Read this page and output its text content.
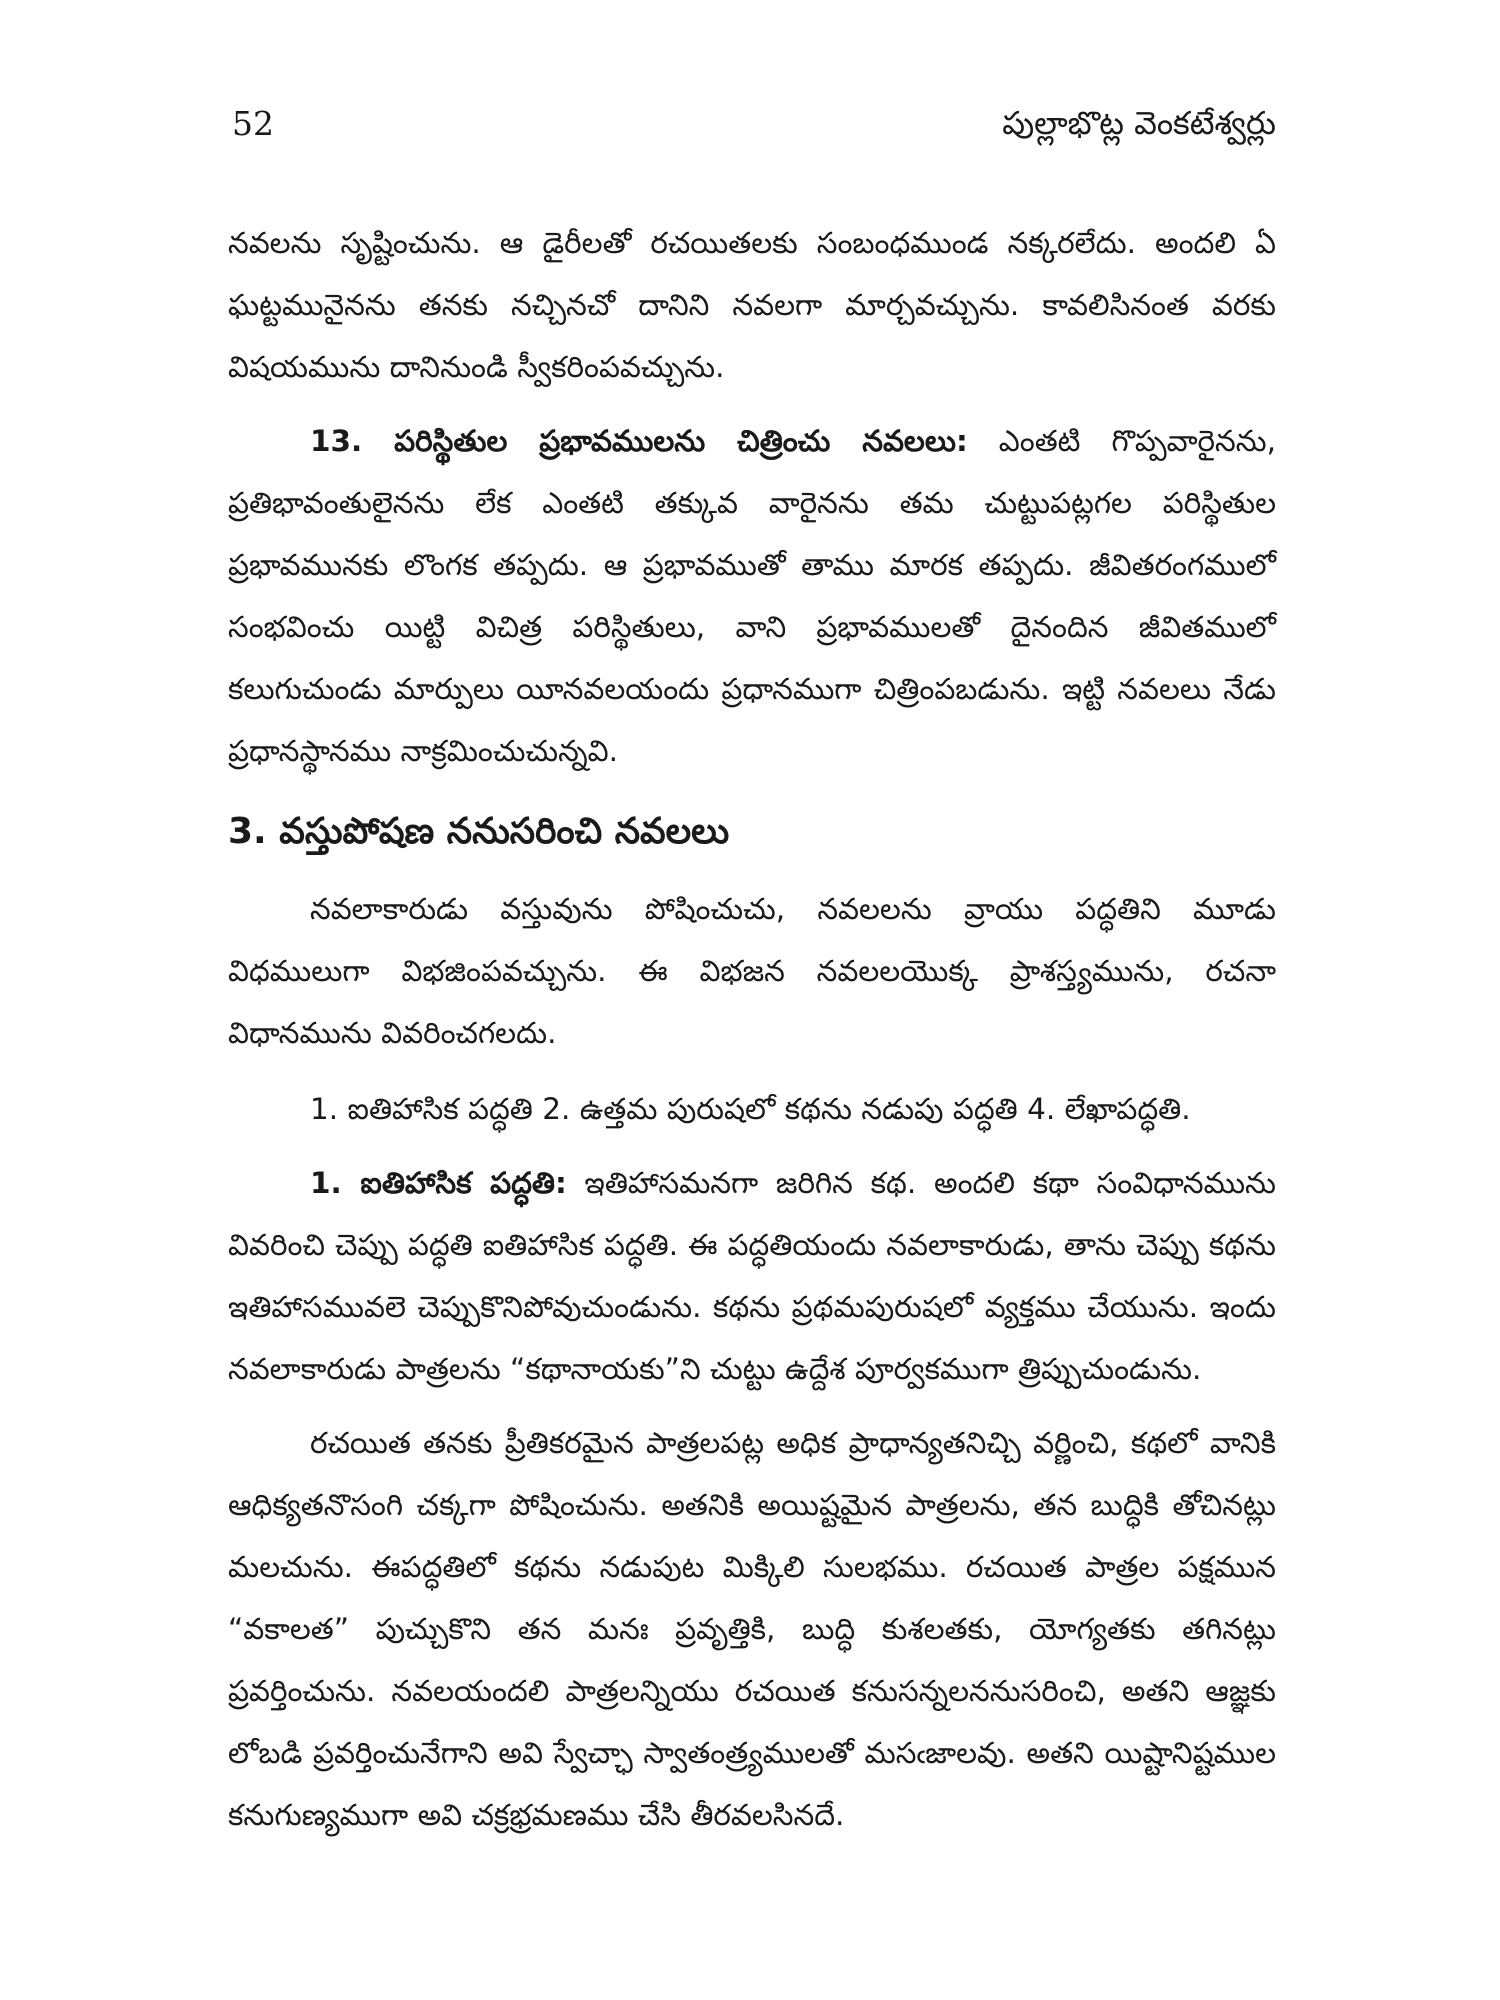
52	పుల్లాభొట్ల వెంకటేశ్వర్లు

నవలను సృష్టించును. ఆ డైరీలతో రచయితలకు సంబంధముండ నక్కరలేదు. అందలి ఏ ఘట్టమునైనను తనకు నచ్చినచో దానిని నవలగా మార్చవచ్చును. కావలిసినంత వరకు విషయమును దానినుండి స్వీకరింపవచ్చును.

13. పరిస్థితుల ప్రభావములను చిత్రించు నవలలు: ఎంతటి గొప్పవారైనను, ప్రతిభావంతులైనను లేక ఎంతటి తక్కువ వారైనను తమ చుట్టుపట్లగల పరిస్థితుల ప్రభావమునకు లొంగక తప్పదు. ఆ ప్రభావముతో తాము మారక తప్పదు. జీవితరంగములో సంభవించు యిట్టి విచిత్ర పరిస్థితులు, వాని ప్రభావములతో దైనందిన జీవితములో కలుగుచుండు మార్పులు యీనవలయందు ప్రధానముగా చిత్రింపబడును. ఇట్టి నవలలు నేడు ప్రధానస్థానము నాక్రమించుచున్నవి.

3. వస్తుపోషణ ననుసరించి నవలలు

నవలాకారుడు వస్తువును పోషించుచు, నవలలను వ్రాయు పద్ధతిని మూడు విధములుగా విభజింపవచ్చును. ఈ విభజన నవలలయొక్క ప్రాశస్త్యమును, రచనా విధానమును వివరించగలదు.

1. ఐతిహాసిక పద్ధతి 2. ఉత్తమ పురుషలో కథను నడుపు పద్ధతి 4. లేఖాపద్ధతి.

1. ఐతిహాసిక పద్ధతి: ఇతిహాసమనగా జరిగిన కథ. అందలి కథా సంవిధానమును వివరించి చెప్పు పద్ధతి ఐతిహాసిక పద్ధతి. ఈ పద్ధతియందు నవలాకారుడు, తాను చెప్పు కథను ఇతిహాసమువలె చెప్పుకొనిపోవుచుండును. కథను ప్రథమపురుషలో వ్యక్తము చేయును. ఇందు నవలాకారుడు పాత్రలను “కథానాయకు”ని చుట్టు ఉద్దేశ పూర్వకముగా త్రిప్పుచుండును.

రచయిత తనకు ప్రీతికరమైన పాత్రలపట్ల అధిక ప్రాధాన్యతనిచ్చి వర్ణించి, కథలో వానికి ఆధిక్యతనొసంగి చక్కగా పోషించును. అతనికి అయిష్టమైన పాత్రలను, తన బుద్ధికి తోచినట్లు మలచును. ఈపద్ధతిలో కథను నడుపుట మిక్కిలి సులభము. రచయిత పాత్రల పక్షమున “వకాలత” పుచ్చుకొని తన మనః ప్రవృత్తికి, బుద్ధి కుశలతకు, యోగ్యతకు తగినట్లు ప్రవర్తించును. నవలయందలి పాత్రలన్నియు రచయిత కనుసన్నలననుసరించి, అతని ఆజ్ఞకు లోబడి ప్రవర్తించునేగాని అవి స్వేచ్ఛా స్వాతంత్ర్యములతో మసఁజాలవు. అతని యిష్టానిష్టముల కనుగుణ్యముగా అవి చక్రభ్రమణము చేసి తీరవలసినదే.
